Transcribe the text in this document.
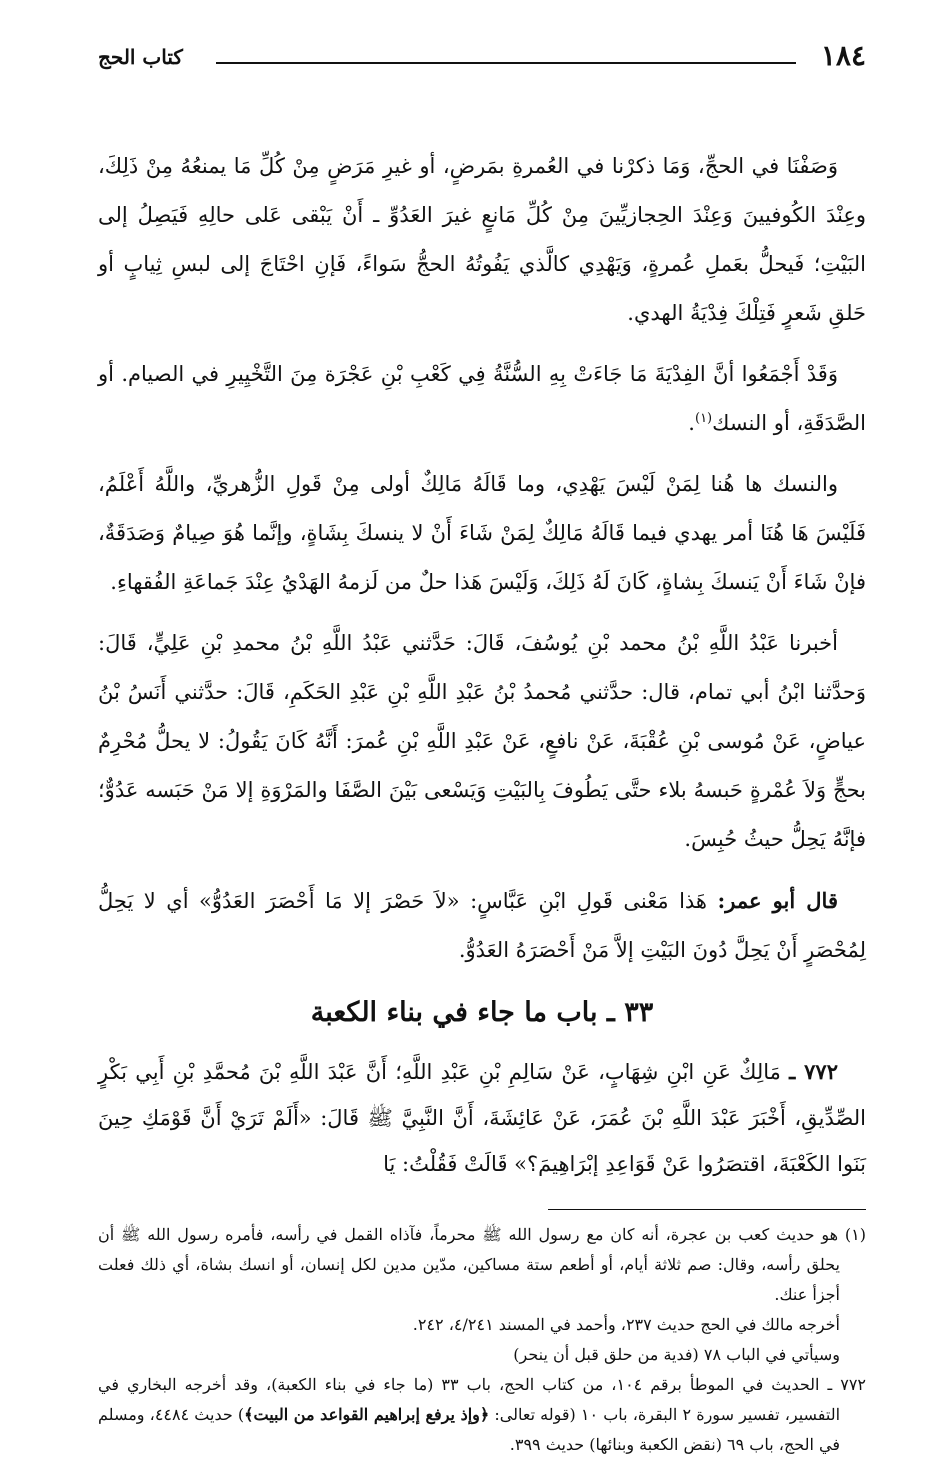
١٨٤
كتاب الحج

وَصَفْنَا في الحجِّ، وَمَا ذكرْنا في العُمرةِ بمَرضٍ، أو غيرِ مَرَضٍ مِنْ كُلِّ مَا يمنعُهُ مِنْ ذَلِكَ، وعِنْدَ الكُوفيينَ وَعِنْدَ الحِجازيِّينَ مِنْ كُلِّ مَانعٍ غيرَ العَدُوِّ ـ أَنْ يَبْقى عَلى حالِهِ فَيَصِلُ إلى البَيْتِ؛ فَيحلُّ بعَملِ عُمرةٍ، وَيَهْدِي كالَّذي يَفُوتُهُ الحجُّ سَواءً، فَإنِ احْتَاجَ إلى لبسِ ثِيابٍ أو حَلقِ شَعرٍ فَتِلْكَ فِدْيَةُ الهدي.

وَقَدْ أَجْمَعُوا أنَّ الفِدْيَةَ مَا جَاءَتْ بِهِ السُّنَّةُ فِي كَعْبِ بْنِ عَجْرَة مِنَ التَّخْيِيرِ في الصيام. أو الصَّدَقَةِ، أو النسك$^{(١)}$.

والنسك ها هُنا لِمَنْ لَيْسَ يَهْدِي، وما قَالَهُ مَالِكٌ أولى مِنْ قَولِ الزُّهريِّ، واللَّهُ أَعْلَمُ، فَلَيْسَ هَا هُنَا أمر يهدي فيما قَالَهُ مَالِكٌ لِمَنْ شَاءَ أَنْ لا ينسكَ بِشَاةٍ، وإنَّما هُوَ صِيامٌ وَصَدَقَةٌ، فإنْ شَاءَ أَنْ يَنسكَ بِشاةٍ، كَانَ لَهُ ذَلِكَ، وَلَيْسَ هَذا حلٌ من لَزمهُ الهَدْيُ عِنْدَ جَماعَةِ الفُقهاءِ.

أخبرنا عَبْدُ اللَّهِ بْنُ محمد بْنِ يُوسُفَ، قَالَ: حَدَّثني عَبْدُ اللَّهِ بْنُ محمدِ بْنِ عَلِيٍّ، قَالَ: وَحدَّثنا ابْنُ أبي تمام، قال: حدَّثني مُحمدُ بْنُ عَبْدِ اللَّهِ بْنِ عَبْدِ الحَكَمِ، قَالَ: حدَّثني أَنَسُ بْنُ عياضٍ، عَنْ مُوسى بْنِ عُقْبَةَ، عَنْ نافعٍ، عَنْ عَبْدِ اللَّهِ بْنِ عُمرَ: أَنَّهُ كَانَ يَقُولُ: لا يحلُّ مُحْرِمٌ بحجٍّ وَلاَ عُمْرةٍ حَبسهُ بلاء حتَّى يَطُوفَ بِالبَيْتِ وَيَسْعى بَيْنَ الصَّفَا والمَرْوَةِ إلا مَنْ حَبَسه عَدُوٌّ؛ فإنَّهُ يَحِلُّ حيثُ حُبِسَ.

قال أبو عمر: هَذا مَعْنى قَولِ ابْنِ عَبَّاسٍ: «لاَ حَصْرَ إلا مَا أَحْصَرَ العَدُوُّ» أي لا يَحِلُّ لِمُحْصَرٍ أَنْ يَحِلَّ دُونَ البَيْتِ إلاَّ مَنْ أَحْصَرَهُ العَدُوُّ.

٣٣ ـ باب ما جاء في بناء الكعبة

٧٧٢ ـ مَالِكٌ عَنِ ابْنِ شِهَابٍ، عَنْ سَالِمِ بْنِ عَبْدِ اللَّهِ؛ أَنَّ عَبْدَ اللَّهِ بْنَ مُحمَّدِ بْنِ أَبِي بَكْرٍ الصِّدِّيقِ، أَخْبَرَ عَبْدَ اللَّهِ بْنَ عُمَرَ، عَنْ عَائِشَةَ، أَنَّ النَّبِيَّ ﷺ قَالَ: «أَلَمْ تَرَيْ أَنَّ قَوْمَكِ حِينَ بَنَوا الكَعْبَةَ، اقتصَرُوا عَنْ قَوَاعِدِ إبْرَاهِيمَ؟» قَالَتْ فَقُلْتُ: يَا

(١) هو حديث كعب بن عجرة، أنه كان مع رسول الله ﷺ محرماً، فآذاه القمل في رأسه، فأمره رسول الله ﷺ أن يحلق رأسه، وقال: صم ثلاثة أيام، أو أطعم ستة مساكين، مدّين مدين لكل إنسان، أو انسك بشاة، أي ذلك فعلت أجزأ عنك.

أخرجه مالك في الحج حديث ٢٣٧، وأحمد في المسند ٤/٢٤١، ٢٤٢.

وسيأتي في الباب ٧٨ (فدية من حلق قبل أن ينحر)

٧٧٢ ـ الحديث في الموطأ برقم ١٠٤، من كتاب الحج، باب ٣٣ (ما جاء في بناء الكعبة)، وقد أخرجه البخاري في التفسير، تفسير سورة ٢ البقرة، باب ١٠ (قوله تعالى: ﴿وإذ يرفع إبراهيم القواعد من البيت﴾) حديث ٤٤٨٤، ومسلم في الحج، باب ٦٩ (نقض الكعبة وبنائها) حديث ٣٩٩.
